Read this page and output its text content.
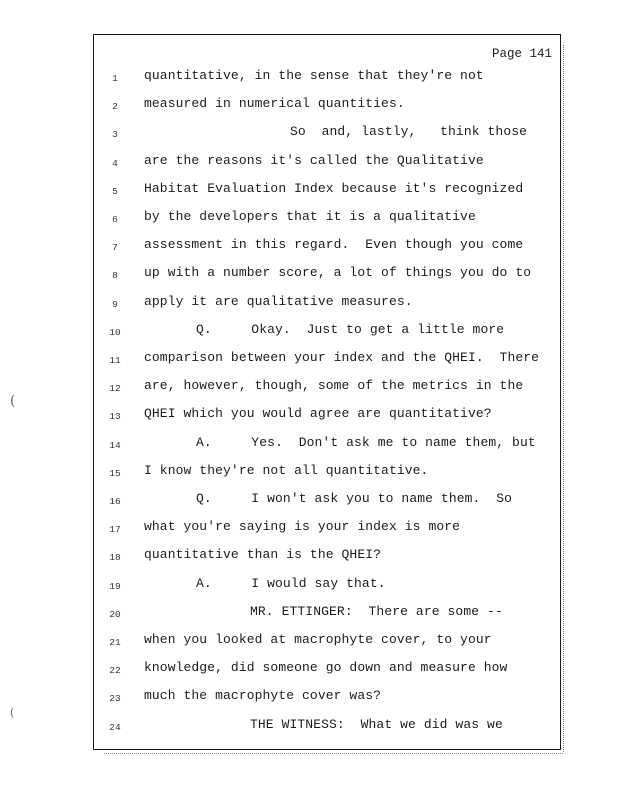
Page 141
1	quantitative, in the sense that they're not
2	measured in numerical quantities.
3	So  and, lastly,   think those
4	are the reasons it's called the Qualitative
5	Habitat Evaluation Index because it's recognized
6	by the developers that it is a qualitative
7	assessment in this regard.  Even though you come
8	up with a number score, a lot of things you do to
9	apply it are qualitative measures.
10	Q.     Okay.  Just to get a little more
11 comparison between your index and the QHEI.  There
12 are, however, though, some of the metrics in the
13 QHEI which you would agree are quantitative?
14	A.     Yes.  Don't ask me to name them, but
15 I know they're not all quantitative.
16	Q.     I won't ask you to name them.  So
17 what you're saying is your index is more
18 quantitative than is the QHEI?
19	A.     I would say that.
20	MR. ETTINGER:  There are some --
21 when you looked at macrophyte cover, to your
22 knowledge, did someone go down and measure how
23 much the macrophyte cover was?
24	THE WITNESS:  What we did was we
(
(
